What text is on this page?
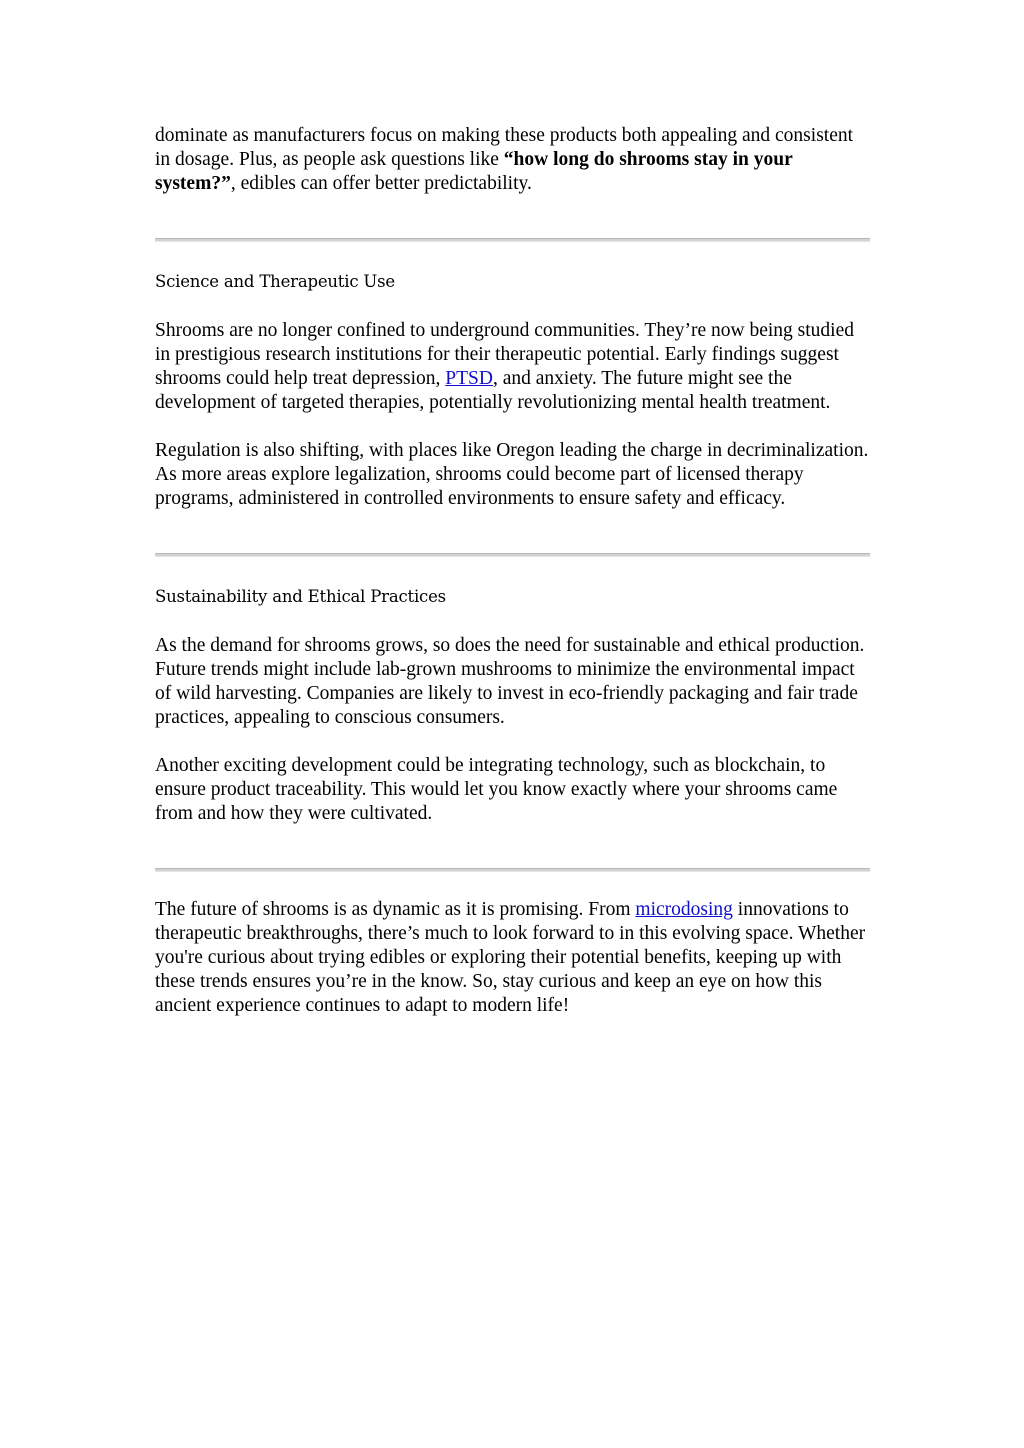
dominate as manufacturers focus on making these products both appealing and consistent in dosage. Plus, as people ask questions like “how long do shrooms stay in your system?”, edibles can offer better predictability.

Science and Therapeutic Use

Shrooms are no longer confined to underground communities. They’re now being studied in prestigious research institutions for their therapeutic potential. Early findings suggest shrooms could help treat depression, PTSD, and anxiety. The future might see the development of targeted therapies, potentially revolutionizing mental health treatment.

Regulation is also shifting, with places like Oregon leading the charge in decriminalization. As more areas explore legalization, shrooms could become part of licensed therapy programs, administered in controlled environments to ensure safety and efficacy.

Sustainability and Ethical Practices

As the demand for shrooms grows, so does the need for sustainable and ethical production. Future trends might include lab-grown mushrooms to minimize the environmental impact of wild harvesting. Companies are likely to invest in eco-friendly packaging and fair trade practices, appealing to conscious consumers.

Another exciting development could be integrating technology, such as blockchain, to ensure product traceability. This would let you know exactly where your shrooms came from and how they were cultivated.

The future of shrooms is as dynamic as it is promising. From microdosing innovations to therapeutic breakthroughs, there’s much to look forward to in this evolving space. Whether you're curious about trying edibles or exploring their potential benefits, keeping up with these trends ensures you’re in the know. So, stay curious and keep an eye on how this ancient experience continues to adapt to modern life!
